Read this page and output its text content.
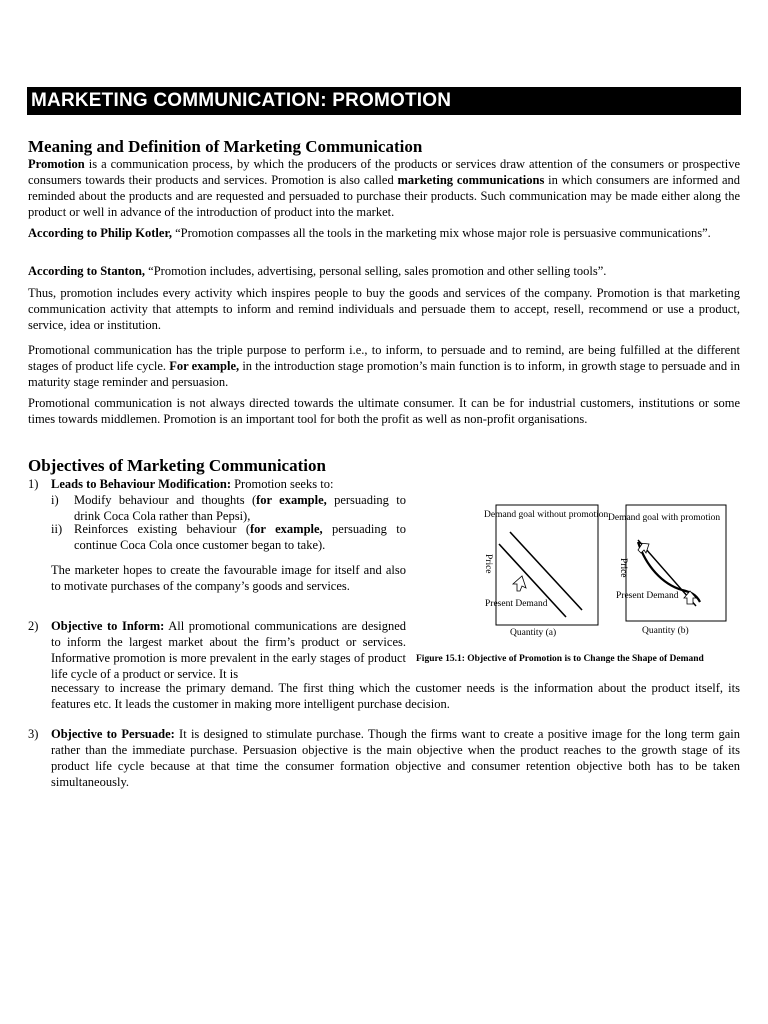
MARKETING COMMUNICATION: PROMOTION
Meaning and Definition of Marketing Communication
Promotion is a communication process, by which the producers of the products or services draw attention of the consumers or prospective consumers towards their products and services. Promotion is also called marketing communications in which consumers are informed and reminded about the products and are requested and persuaded to purchase their products. Such communication may be made either along the product or well in advance of the introduction of product into the market.
According to Philip Kotler, “Promotion compasses all the tools in the marketing mix whose major role is persuasive communications”.
According to Stanton, “Promotion includes, advertising, personal selling, sales promotion and other selling tools”.
Thus, promotion includes every activity which inspires people to buy the goods and services of the company. Promotion is that marketing communication activity that attempts to inform and remind individuals and persuade them to accept, resell, recommend or use a product, service, idea or institution.
Promotional communication has the triple purpose to perform i.e., to inform, to persuade and to remind, are being fulfilled at the different stages of product life cycle. For example, in the introduction stage promotion’s main function is to inform, in growth stage to persuade and in maturity stage reminder and persuasion.
Promotional communication is not always directed towards the ultimate consumer. It can be for industrial customers, institutions or some times towards middlemen. Promotion is an important tool for both the profit as well as non-profit organisations.
Objectives of Marketing Communication
1) Leads to Behaviour Modification: Promotion seeks to:
i) Modify behaviour and thoughts (for example, persuading to drink Coca Cola rather than Pepsi),
ii) Reinforces existing behaviour (for example, persuading to continue Coca Cola once customer began to take).
The marketer hopes to create the favourable image for itself and also to motivate purchases of the company’s goods and services.
2) Objective to Inform: All promotional communications are designed to inform the largest market about the firm’s product or services. Informative promotion is more prevalent in the early stages of product life cycle of a product or service. It is
necessary to increase the primary demand. The first thing which the customer needs is the information about the product itself, its features etc. It leads the customer in making more intelligent purchase decision.
3) Objective to Persuade: It is designed to stimulate purchase. Though the firms want to create a positive image for the long term gain rather than the immediate purchase. Persuasion objective is the main objective when the product reaches to the growth stage of its product life cycle because at that time the consumer formation objective and consumer retention objective both has to be taken simultaneously.
Demand goal without promotion
Present Demand
Quantity (a)
Price
Demand goal with promotion
Present Demand
Quantity (b)
Price
Figure 15.1: Objective of Promotion is to Change the Shape of Demand
